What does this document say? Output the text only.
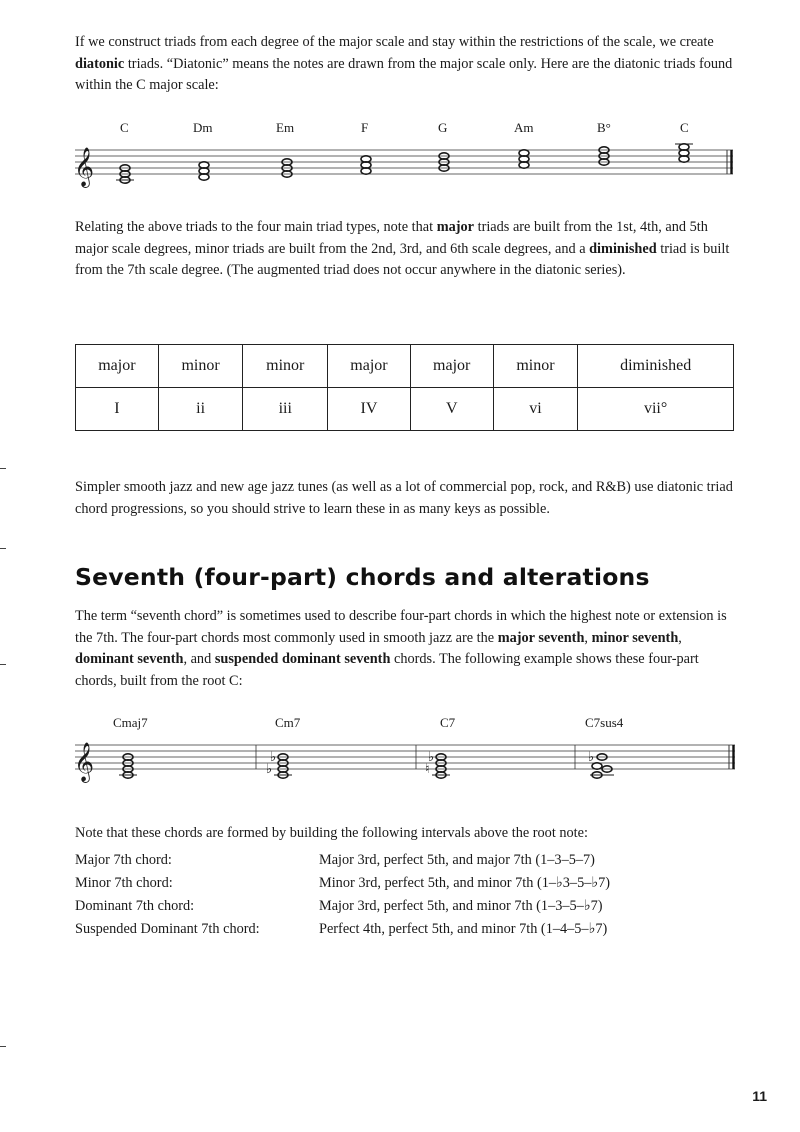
If we construct triads from each degree of the major scale and stay within the restrictions of the scale, we create diatonic triads. “Diatonic” means the notes are drawn from the major scale only. Here are the diatonic triads found within the C major scale:

𝄞
C	Dm	Em	F	G	Am	B°	C

Relating the above triads to the four main triad types, note that major triads are built from the 1st, 4th, and 5th major scale degrees, minor triads are built from the 2nd, 3rd, and 6th scale degrees, and a diminished triad is built from the 7th scale degree. (The augmented triad does not occur anywhere in the diatonic series).

major	minor	minor	major	major	minor	diminished
I	ii	iii	IV	V	vi	vii°

Simpler smooth jazz and new age jazz tunes (as well as a lot of commercial pop, rock, and R&B) use diatonic triad chord progressions, so you should strive to learn these in as many keys as possible.

Seventh (four-part) chords and alterations

The term “seventh chord” is sometimes used to describe four-part chords in which the highest note or extension is the 7th. The four-part chords most commonly used in smooth jazz are the major seventh, minor seventh, dominant seventh, and suspended dominant seventh chords. The following example shows these four-part chords, built from the root C:

𝄞
Cmaj7	Cm7	C7	C7sus4
♭
♭
♭
♮
♭

Note that these chords are formed by building the following intervals above the root note:

Major 7th chord:	Major 3rd, perfect 5th, and major 7th (1–3–5–7)
Minor 7th chord:	Minor 3rd, perfect 5th, and minor 7th (1–♭3–5–♭7)
Dominant 7th chord:	Major 3rd, perfect 5th, and minor 7th (1–3–5–♭7)
Suspended Dominant 7th chord:	Perfect 4th, perfect 5th, and minor 7th (1–4–5–♭7)
11
